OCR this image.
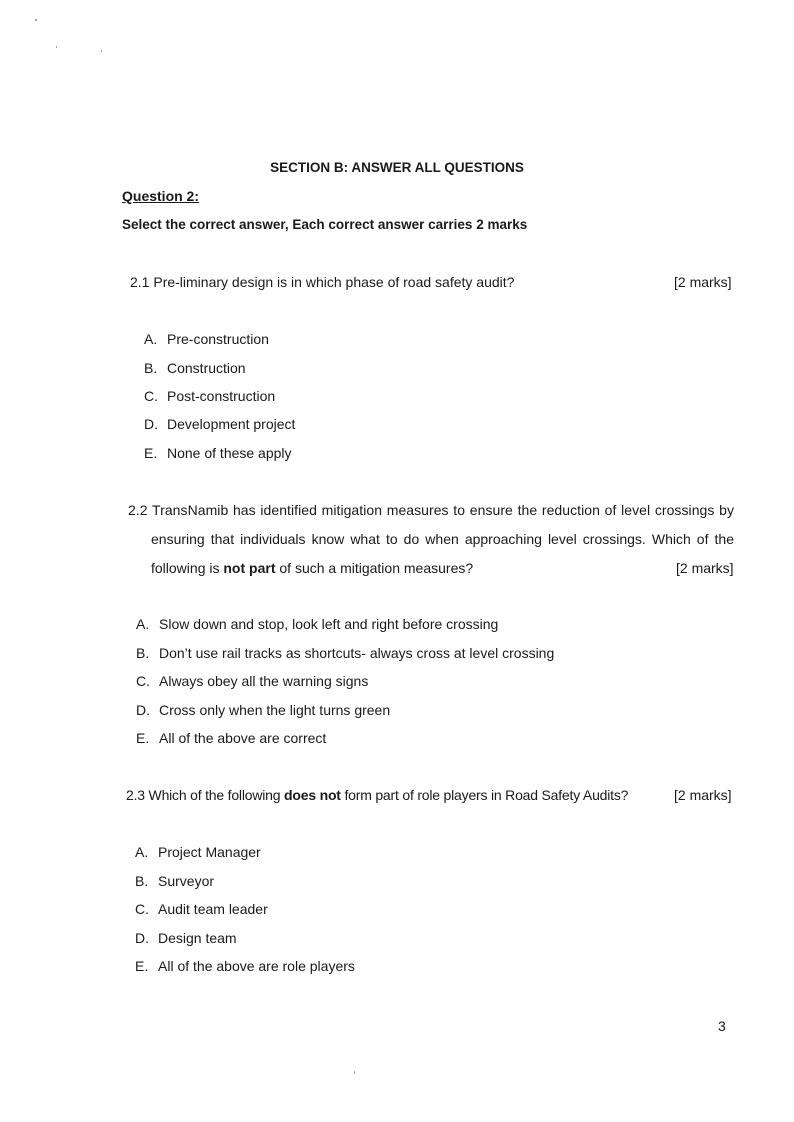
SECTION B: ANSWER ALL QUESTIONS
Question 2:
Select the correct answer, Each correct answer carries 2 marks
2.1 Pre-liminary design is in which phase of road safety audit?	[2 marks]
A. Pre-construction
B. Construction
C. Post-construction
D. Development project
E. None of these apply
2.2 TransNamib has identified mitigation measures to ensure the reduction of level crossings by
ensuring that individuals know what to do when approaching level crossings. Which of the
following is not part of such a mitigation measures?	[2 marks]
A. Slow down and stop, look left and right before crossing
B. Don’t use rail tracks as shortcuts- always cross at level crossing
C. Always obey all the warning signs
D. Cross only when the light turns green
E. All of the above are correct
2.3 Which of the following does not form part of role players in Road Safety Audits?	[2 marks]
A. Project Manager
B. Surveyor
C. Audit team leader
D. Design team
E. All of the above are role players
3
